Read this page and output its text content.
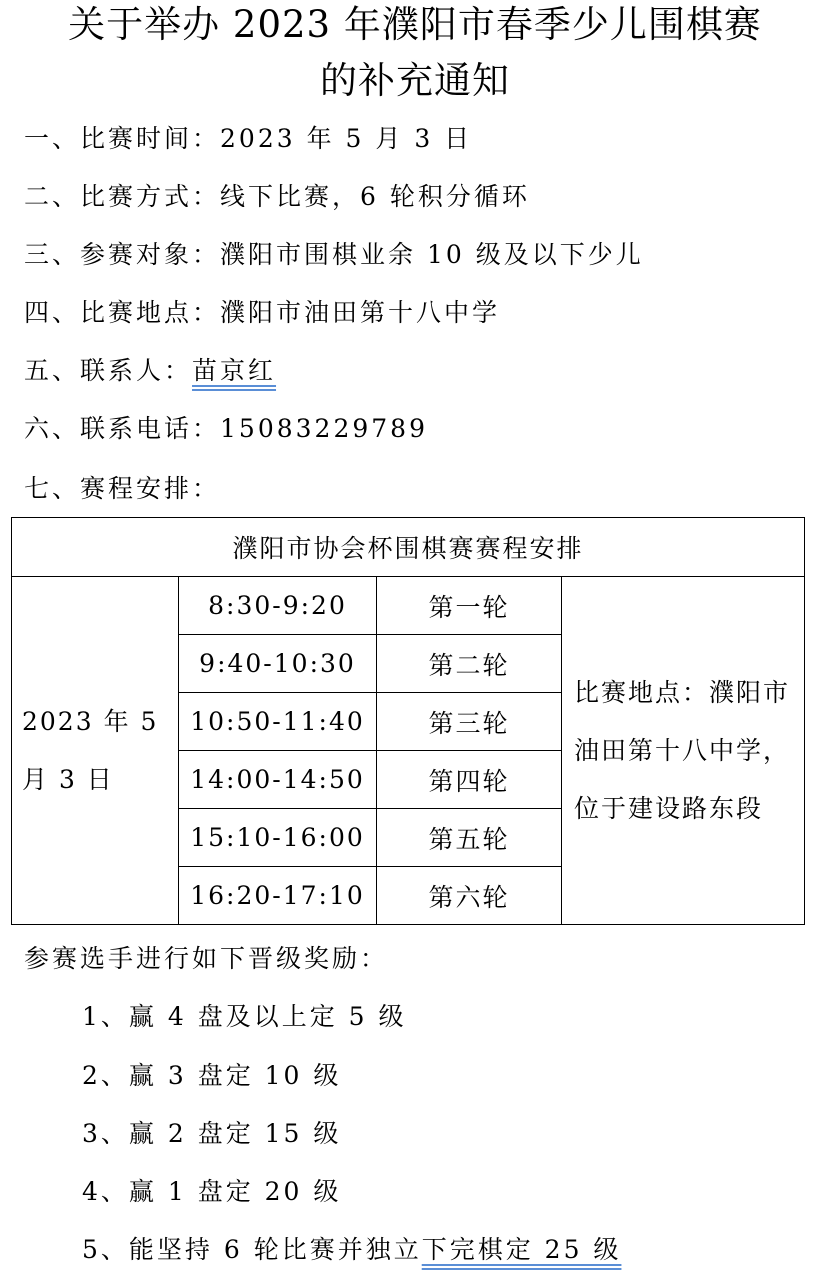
关于举办 2023 年濮阳市春季少儿围棋赛
的补充通知
一、比赛时间：2023 年 5 月 3 日
二、比赛方式：线下比赛，6 轮积分循环
三、参赛对象：濮阳市围棋业余 10 级及以下少儿
四、比赛地点：濮阳市油田第十八中学
五、联系人：苗京红
六、联系电话：15083229789
七、赛程安排：
濮阳市协会杯围棋赛赛程安排			
2023 年 5 月 3 日	8:30-9:20	第一轮	比赛地点：濮阳市油田第十八中学，位于建设路东段
	9:40-10:30	第二轮	
	10:50-11:40	第三轮	
	14:00-14:50	第四轮	
	15:10-16:00	第五轮	
	16:20-17:10	第六轮	
参赛选手进行如下晋级奖励：
1、赢 4 盘及以上定 5 级
2、赢 3 盘定 10 级
3、赢 2 盘定 15 级
4、赢 1 盘定 20 级
5、能坚持 6 轮比赛并独立下完棋定 25 级
